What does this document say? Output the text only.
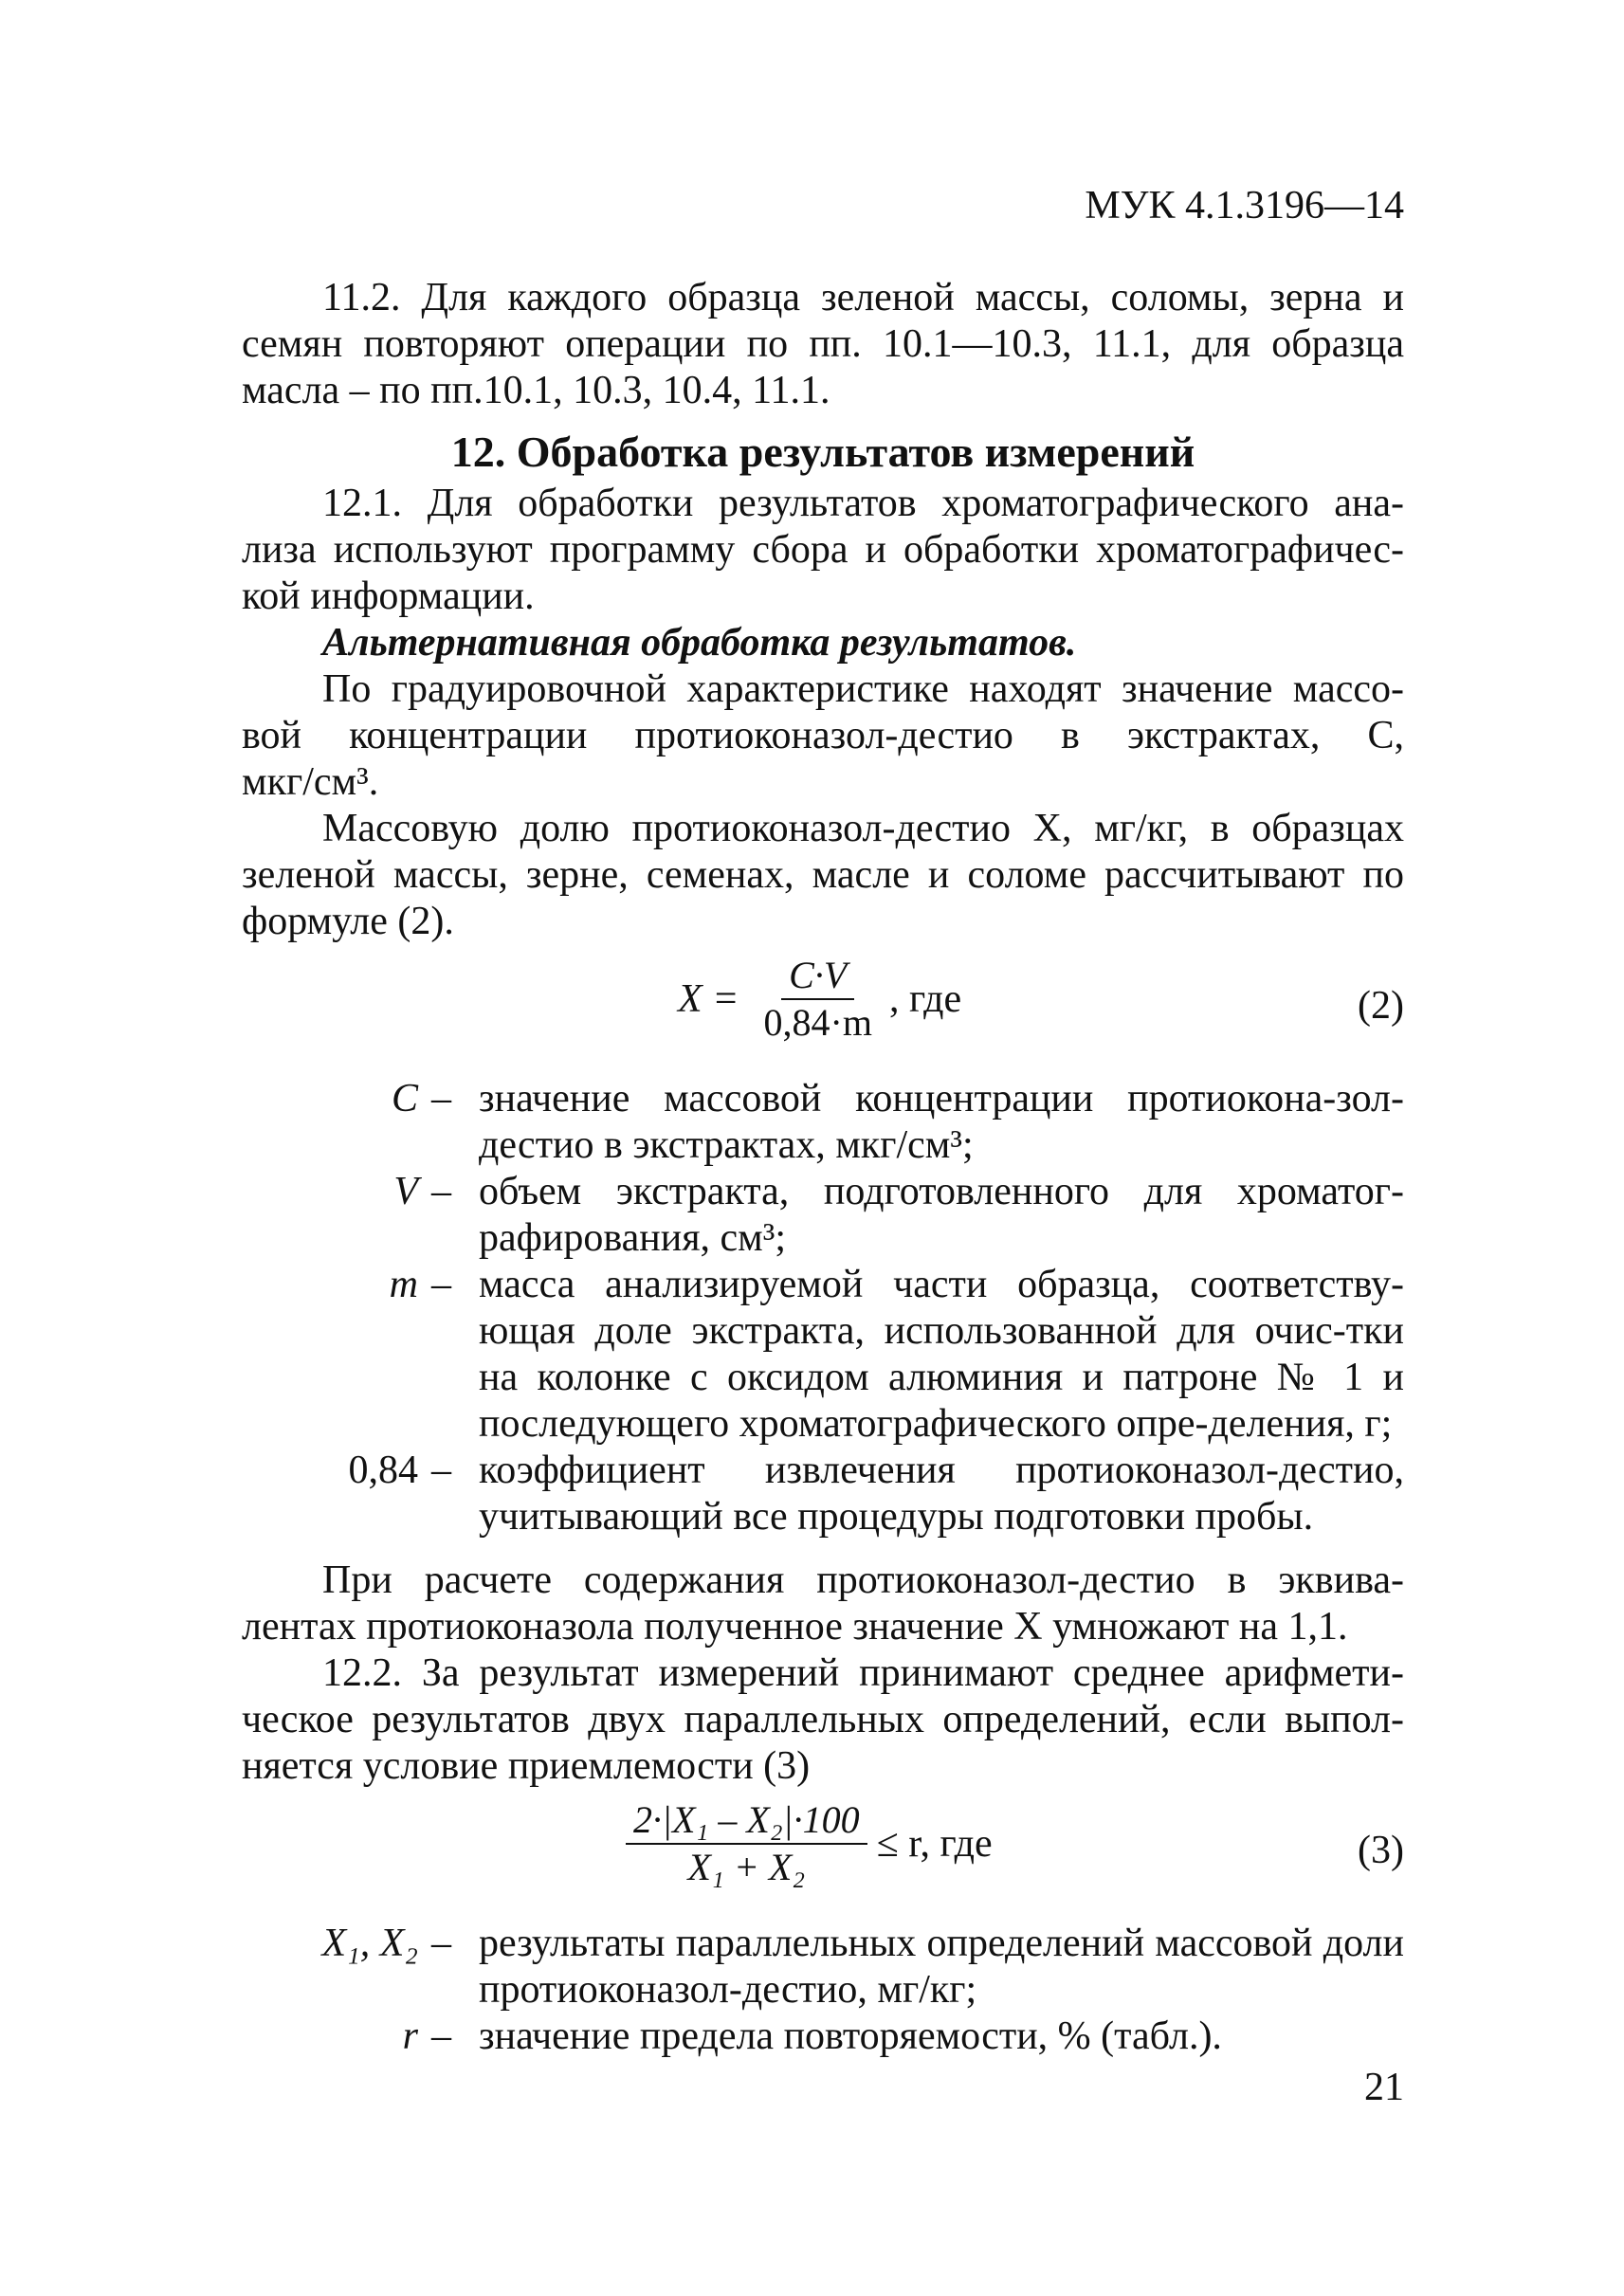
МУК 4.1.3196—14

11.2. Для каждого образца зеленой массы, соломы, зерна и
семян повторяют операции по пп. 10.1—10.3, 11.1, для образца
масла – по пп.10.1, 10.3, 10.4, 11.1.

12. Обработка результатов измерений

12.1. Для обработки результатов хроматографического ана-
лиза используют программу сбора и обработки хроматографичес-
кой информации.

Альтернативная обработка результатов.

По градуировочной характеристике находят значение массо-
вой концентрации протиоконазол-дестио в экстрактах, С,
мкг/см³.

Массовую долю протиоконазол-дестио X, мг/кг, в образцах
зеленой массы, зерне, семенах, масле и соломе рассчитывают по
формуле (2).

$X = \frac{C\cdot V}{0,84\cdot m}$ , где	(2)
C – значение массовой концентрации протиокона-зол-дестио в экстрактах, мкг/см³;
V – объем экстракта, подготовленного для хроматог-рафирования, см³;
m – масса анализируемой части образца, соответству-ющая доле экстракта, использованной для очис-тки на колонке с оксидом алюминия и патроне № 1 и последующего хроматографического опре-деления, г;
0,84 – коэффициент извлечения протиоконазол-дестио, учитывающий все процедуры подготовки пробы.

При расчете содержания протиоконазол-дестио в эквива-
лентах протиоконазола полученное значение X умножают на 1,1.

12.2. За результат измерений принимают среднее арифмети-
ческое результатов двух параллельных определений, если выпол-
няется условие приемлемости (3)

$\frac{\text{2·|X₁ – X₂|·100}}{\text{X₁ + X₂}} \le r$, где	(3)
X₁, X₂ – результаты параллельных определений массовой доли протиоконазол-дестио, мг/кг;
r – значение предела повторяемости, % (табл.).
21
